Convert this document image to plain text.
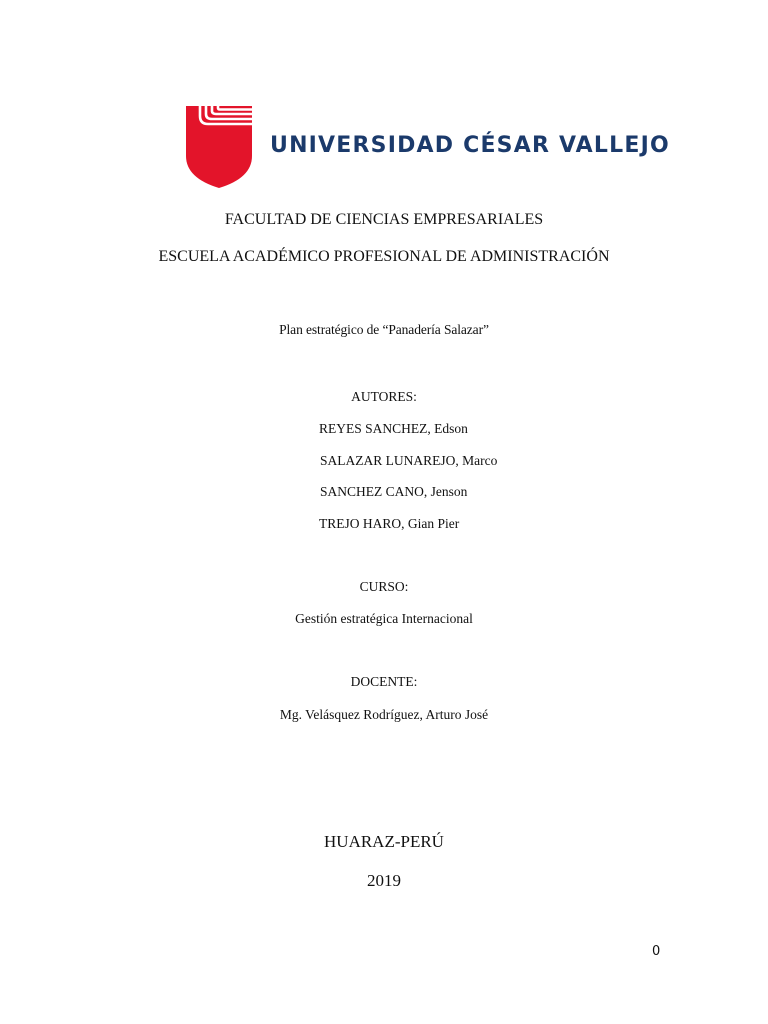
UNIVERSIDAD CÉSAR VALLEJO
FACULTAD DE CIENCIAS EMPRESARIALES
ESCUELA ACADÉMICO PROFESIONAL DE ADMINISTRACIÓN
Plan estratégico de “Panadería Salazar”
AUTORES:
REYES SANCHEZ, Edson
SALAZAR LUNAREJO, Marco
SANCHEZ CANO, Jenson
TREJO HARO, Gian Pier
CURSO:
Gestión estratégica Internacional
DOCENTE:
Mg. Velásquez Rodríguez, Arturo José
HUARAZ-PERÚ
2019
0
